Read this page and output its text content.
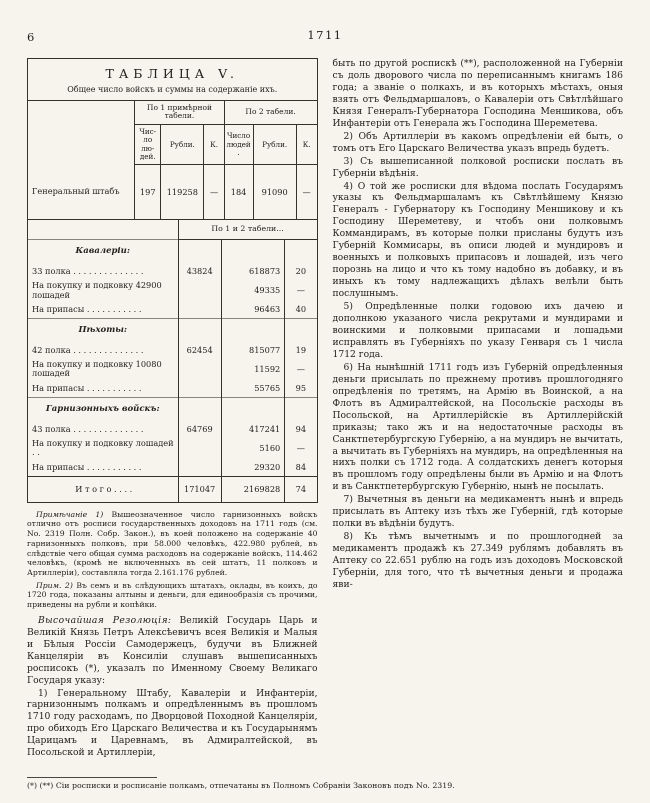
6	1711
ТАБЛИЦА V.
Общее число войскъ и суммы на содержаніе ихъ.
	По 1 примѣрной табели.			По 2 табели.		
	Чис- ло лю- дей.	Рубли.	К.	Число людей.	Рубли.	К.
Генеральный штабъ	197	119258	—	184	91090	—
	По 1 и 2 табели...		
Кавалеріи:			
33 полка . . . . . . . . . . . . . .	43824	618873	20
На покупку и подковку 42900 лошадей		49335	—
На припасы . . . . . . . . . . .		96463	40
Пѣхоты:			
42 полка . . . . . . . . . . . . . .	62454	815077	19
На покупку и подковку 10080 лошадей		11592	—
На припасы . . . . . . . . . . .		55765	95
Гарнизонныхъ войскъ:			
43 полка . . . . . . . . . . . . . .	64769	417241	94
На покупку и подковку лошадей . .		5160	—
На припасы . . . . . . . . . . .		29320	84
И т о г о . . . .	171047	2169828	74
Примѣчаніе 1) Вышеозначенное число гарнизонныхъ войскъ отлично отъ росписи государственныхъ доходовъ на 1711 годъ (см. No. 2319 Полн. Собр. Закон.), въ коей положено на содержаніе 40 гарнизонныхъ полковъ, при 58.000 человѣкъ, 422.980 рублей, въ слѣдствіе чего общая сумма расходовъ на содержаніе войскъ, 114.462 человѣкъ, (кромѣ не включенныхъ въ сей штатъ, 11 полковъ и Артиллеріи), составляла тогда 2.161.176 рублей.
Прим. 2) Въ семъ и въ слѣдующихъ штатахъ, оклады, въ коихъ, до 1720 года, показаны алтыны и деньги, для единообразія съ прочими, приведены на рубли и копѣйки.
Высочайшая Резолюція: Великій Государь Царь и Великій Князь Петръ Алексѣевичъ всея Великія и Малыя и Бѣлыя Россіи Самодержецъ, будучи въ Ближней Канцеляріи въ Консиліи слушавъ вышеписанныхъ росписокъ (*), указалъ по Именному Своему Великаго Государя указу:
1) Генеральному Штабу, Кавалеріи и Инфантеріи, гарнизоннымъ полкамъ и опредѣленнымъ въ прошломъ 1710 году расходамъ, по Дворцовой Походной Канцеляріи, про обиходъ Его Царскаго Величества и къ Государынямъ Царицамъ и Царевнамъ, въ Адмиралтейской, въ Посольской и Артиллеріи,
быть по другой роспискѣ (**), расположенной на Губерніи съ доль дворового числа по переписаннымъ книгамъ 186 года; а званіе о полкахъ, и въ которыхъ мѣстахъ, оныя взять отъ Фельдмаршаловъ, о Кавалеріи отъ Свѣтлѣйшаго Князя Генералъ-Губернатора Господина Меншикова, объ Инфантеріи отъ Генерала жъ Господина Шереметева.
2) Объ Артиллеріи въ какомъ опредѣленіи ей быть, о томъ отъ Его Царскаго Величества указъ впредь будетъ.
3) Съ вышеписанной полковой росписки послать въ Губерніи вѣдѣнія.
4) О той же росписки для вѣдома послать Государямъ указы къ Фельдмаршаламъ къ Свѣтлѣйшему Князю Генералъ - Губернатору къ Господину Меншикову и къ Господину Шереметеву, и чтобъ они полковымъ Коммандирамъ, въ которые полки присланы будутъ изъ Губерній Коммисары, въ описи людей и мундировъ и военныхъ и полковыхъ припасовъ и лошадей, изъ чего порознь на лицо и что къ тому надобно въ добавку, и въ иныхъ къ тому надлежащихъ дѣлахъ велѣли быть послушнымъ.
5) Опредѣленные полки годовою ихъ дачею и дополнкою указаного числа рекрутами и мундирами и воинскими и полковыми припасами и лошадьми исправлять въ Губерніяхъ по указу Генваря съ 1 числа 1712 года.
6) На нынѣшній 1711 годъ изъ Губерній опредѣленныя деньги присылать по прежнему противъ прошлогодняго опредѣленія по третямъ, на Армію въ Воинской, а на Флотъ въ Адмиралтейской, на Посольскіе расходы въ Посольской, на Артиллерійскіе въ Артиллерійскій приказы; тако жъ и на недостаточные расходы въ Санктпетербургскую Губернію, а на мундиръ не вычитать, а вычитать въ Губерніяхъ на мундиръ, на опредѣленныя на нихъ полки съ 1712 года. А солдатскихъ денегъ которыя въ прошломъ году опредѣлены были въ Армію и на Флотъ и въ Санктпетербургскую Губернію, нынѣ не посылать.
7) Вычетныя въ деньги на медикаментъ нынѣ и впредь присылать въ Аптеку изъ тѣхъ же Губерній, гдѣ которые полки въ вѣдѣніи будутъ.
8) Къ тѣмъ вычетнымъ и по прошлогодней за медикаментъ продажѣ къ 27.349 рублямъ добавлять въ Аптеку со 22.651 рублю на годъ изъ доходовъ Московской Губерніи, для того, что тѣ вычетныя деньги и продажа яви-
(*) (**) Сіи росписки и росписаніе полкамъ, отпечатаны въ Полномъ Собраніи Законовъ подъ No. 2319.
